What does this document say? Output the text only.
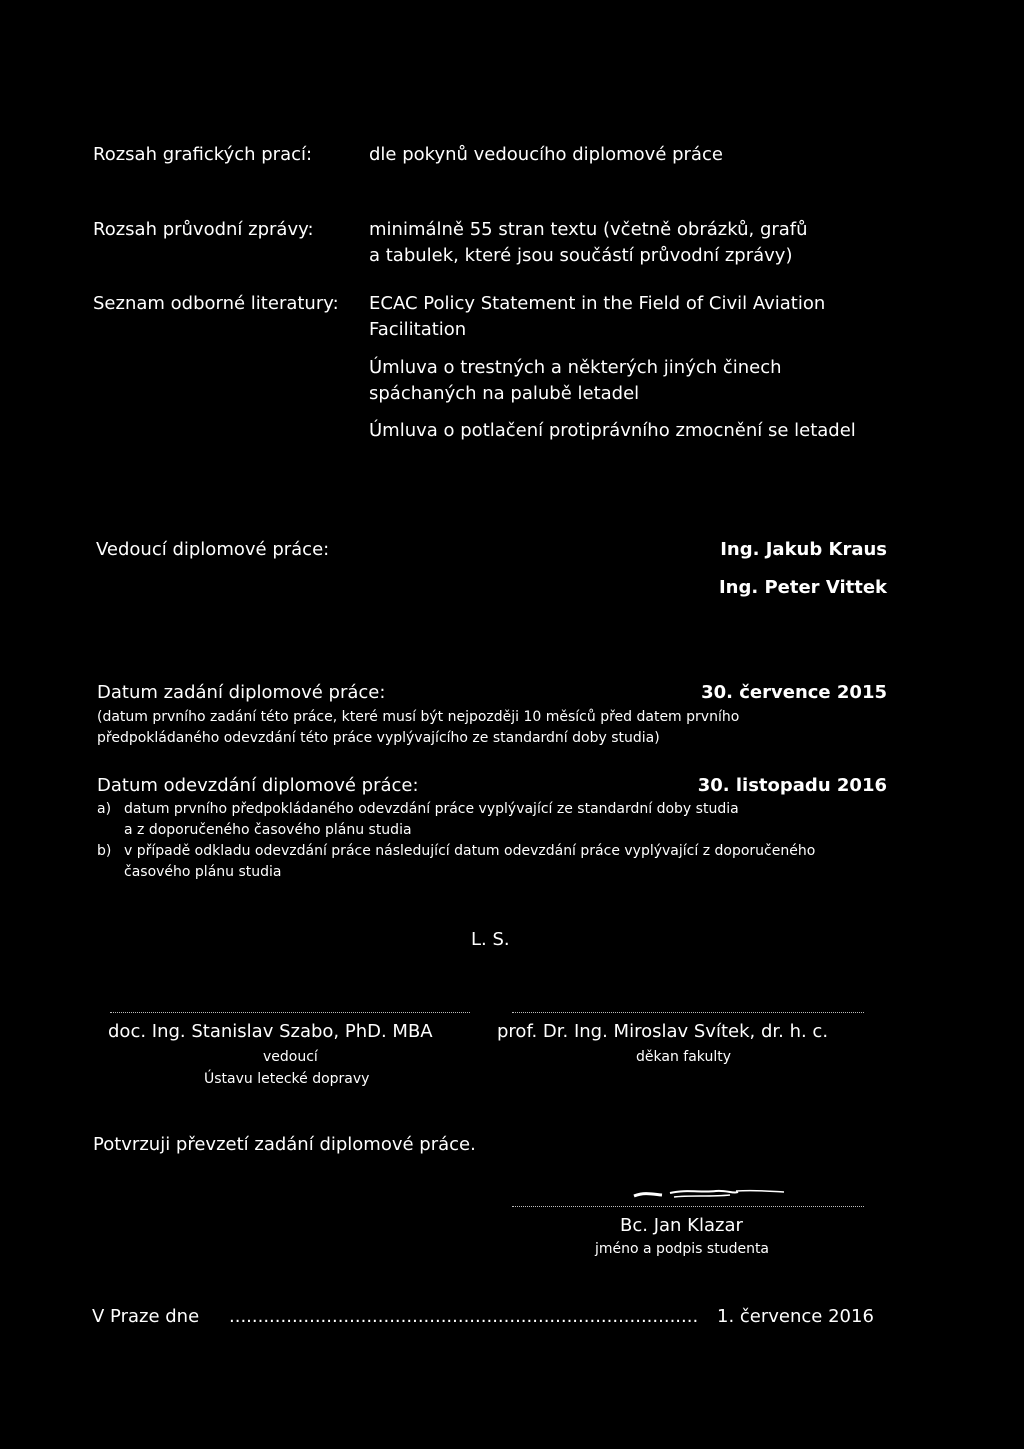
Rozsah grafických prací:	dle pokynů vedoucího diplomové práce
Rozsah průvodní zprávy:	minimálně 55 stran textu (včetně obrázků, grafů
a tabulek, které jsou součástí průvodní zprávy)
Seznam odborné literatury: ECAC Policy Statement in the Field of Civil Aviation
Facilitation
Úmluva o trestných a některých jiných činech
spáchaných na palubě letadel
Úmluva o potlačení protiprávního zmocnění se letadel
Vedoucí diplomové práce:	Ing. Jakub Kraus
Ing. Peter Vittek
Datum zadání diplomové práce:	30. července 2015
(datum prvního zadání této práce, které musí být nejpozději 10 měsíců před datem prvního
předpokládaného odevzdání této práce vyplývajícího ze standardní doby studia)
Datum odevzdání diplomové práce:	30. listopadu 2016
a) datum prvního předpokládaného odevzdání práce vyplývající ze standardní doby studia
a z doporučeného časového plánu studia
b) v případě odkladu odevzdání práce následující datum odevzdání práce vyplývající z doporučeného
časového plánu studia
L. S.
doc. Ing. Stanislav Szabo, PhD. MBA
vedoucí
Ústavu letecké dopravy
prof. Dr. Ing. Miroslav Svítek, dr. h. c.
děkan fakulty
Potvrzuji převzetí zadání diplomové práce.
Bc. Jan Klazar
jméno a podpis studenta
V Praze dne ..................................................................................	1. července 2016
